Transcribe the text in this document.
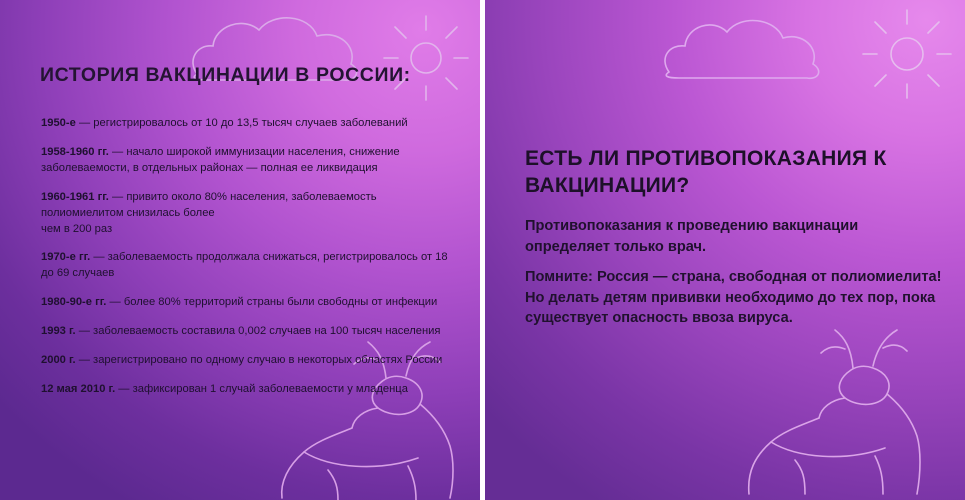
ИСТОРИЯ ВАКЦИНАЦИИ В РОССИИ:

1950-е — регистрировалось от 10 до 13,5 тысяч случаев заболеваний

1958-1960 гг. — начало широкой иммунизации населения, снижение заболеваемости, в отдельных районах — полная ее ликвидация

1960-1961 гг. — привито около 80% населения, заболеваемость полиомиелитом снизилась более
чем в 200 раз

1970-е гг. — заболеваемость продолжала снижаться, регистрировалось от 18 до 69 случаев

1980-90-е гг. — более 80% территорий страны были свободны от инфекции

1993 г. — заболеваемость составила 0,002 случаев на 100 тысяч населения

2000 г. — зарегистрировано по одному случаю в некоторых областях России

12 мая 2010 г. — зафиксирован 1 случай заболеваемости у младенца

ЕСТЬ ЛИ ПРОТИВОПОКАЗАНИЯ К ВАКЦИНАЦИИ?

Противопоказания к проведению вакцинации определяет только врач.

Помните: Россия — страна, свободная от полиомиелита! Но делать детям прививки необходимо до тех пор, пока существует опасность ввоза вируса.
